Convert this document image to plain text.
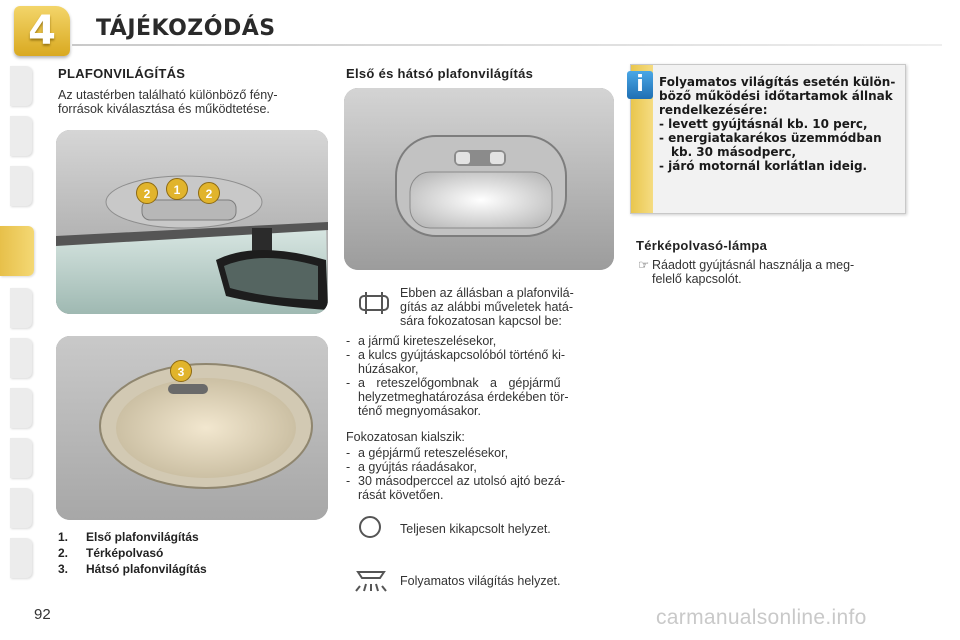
4	TÁJÉKOZÓDÁS
PLAFONVILÁGÍTÁS
Az utastérben található különböző fény-
források kiválasztása és működtetése.
2	1	2
3
1. Első plafonvilágítás
2. Térképolvasó
3. Hátsó plafonvilágítás
Első és hátsó plafonvilágítás
Ebben az állásban a plafonvilá-
gítás az alábbi műveletek hatá-
sára fokozatosan kapcsol be:
- a jármű kireteszelésekor,
- a kulcs gyújtáskapcsolóból történő ki-
húzásakor,
- a reteszelőgombnak a gépjármű
helyzetmeghatározása érdekében tör-
ténő megnyomásakor.
Fokozatosan kialszik:
- a gépjármű reteszelésekor,
- a gyújtás ráadásakor,
- 30 másodperccel az utolsó ajtó bezá-
rását követően.
Teljesen kikapcsolt helyzet.
Folyamatos világítás helyzet.
i	Folyamatos világítás esetén külön-
böző működési időtartamok állnak
rendelkezésére:
- levett gyújtásnál kb. 10 perc,
- energiatakarékos üzemmódban
kb. 30 másodperc,
- járó motornál korlátlan ideig.
Térképolvasó-lámpa
☞ Ráadott gyújtásnál használja a meg-
felelő kapcsolót.
92	carmanualsonline.info
